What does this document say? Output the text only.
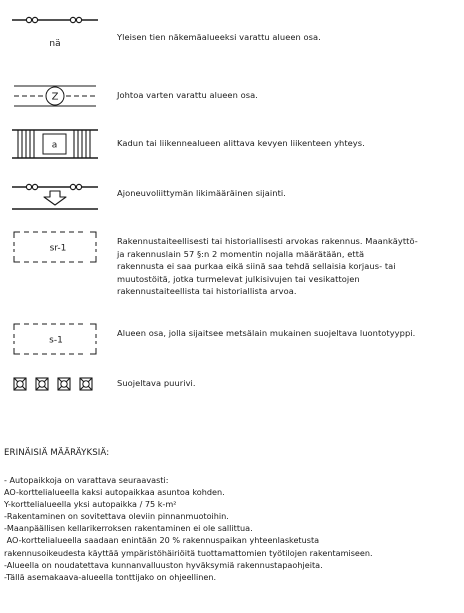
nä

Yleisen tien näkemäalueeksi varattu alueen osa.

Z	Johtoa varten varattu alueen osa.

a	Kadun tai liikennealueen alittava kevyen liikenteen yhteys.

Ajoneuvoliittymän likimääräinen sijainti.

sr-1

Rakennustaiteellisesti tai historiallisesti arvokas rakennus. Maankäyttö-
ja rakennuslain 57 §:n 2 momentin nojalla määrätään, että
rakennusta ei saa purkaa eikä siinä saa tehdä sellaisia korjaus- tai
muutostöitä, jotka turmelevat julkisivujen tai vesikattojen
rakennustaiteellista tai historiallista arvoa.

s-1

Alueen osa, jolla sijaitsee metsälain mukainen suojeltava luontotyyppi.

Suojeltava puurivi.

ERINÄISIÄ MÄÄRÄYKSIÄ:

- Autopaikkoja on varattava seuraavasti:
AO-korttelialueella kaksi autopaikkaa asuntoa kohden.
Y-korttelialueella yksi autopaikka / 75 k-m²
-Rakentaminen on sovitettava oleviin pinnanmuotoihin.
-Maanpäällisen kellarikerroksen rakentaminen ei ole sallittua.
AO-korttelialueella saadaan enintään 20 % rakennuspaikan yhteenlasketusta
rakennusoikeudesta käyttää ympäristöhäiriöitä tuottamattomien työtilojen rakentamiseen.
-Alueella on noudatettava kunnanvalluuston hyväksymiä rakennustapaohjeita.
-Tällä asemakaava-alueella tonttijako on ohjeellinen.
